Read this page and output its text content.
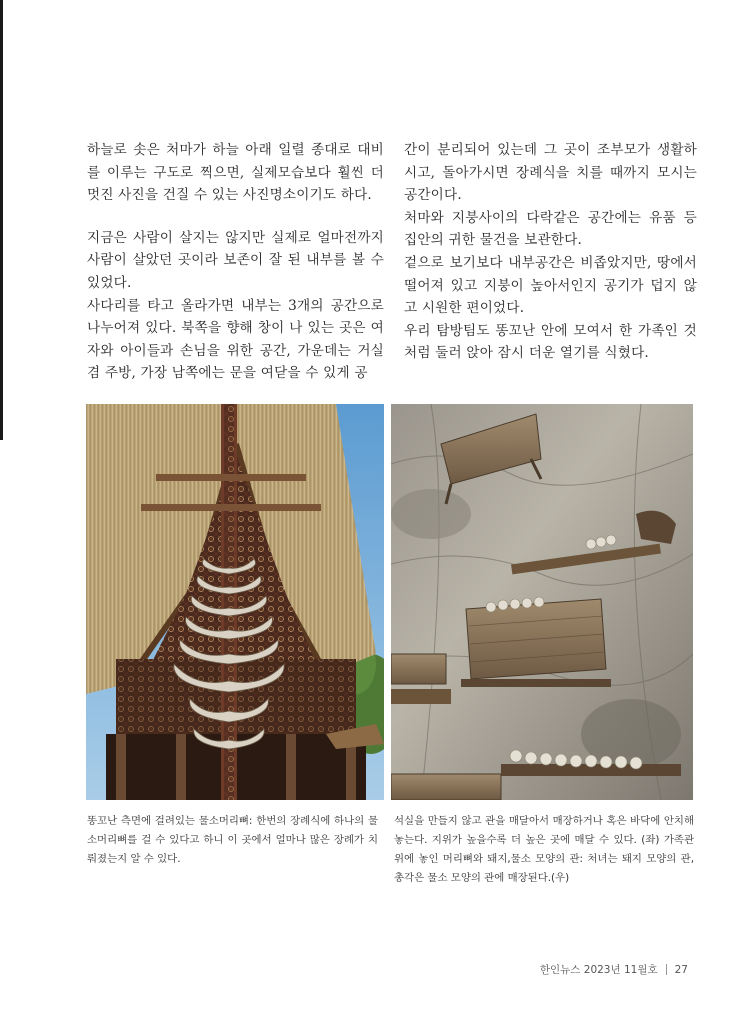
하늘로 솟은 처마가 하늘 아래 일렬 종대로 대비를 이루는 구도로 찍으면, 실제모습보다 훨씬 더 멋진 사진을 건질 수 있는 사진명소이기도 하다.

지금은 사람이 살지는 않지만 실제로 얼마전까지 사람이 살았던 곳이라 보존이 잘 된 내부를 볼 수 있었다.

사다리를 타고 올라가면 내부는 3개의 공간으로 나누어져 있다. 북쪽을 향해 창이 나 있는 곳은 여자와 아이들과 손님을 위한 공간, 가운데는 거실 겸 주방, 가장 남쪽에는 문을 여닫을 수 있게 공

간이 분리되어 있는데 그 곳이 조부모가 생활하시고, 돌아가시면 장례식을 치를 때까지 모시는 공간이다.

처마와 지붕사이의 다락같은 공간에는 유품 등 집안의 귀한 물건을 보관한다.

겉으로 보기보다 내부공간은 비좁았지만, 땅에서 떨어져 있고 지붕이 높아서인지 공기가 덥지 않고 시원한 편이었다.

우리 탐방팀도 똥꼬난 안에 모여서 한 가족인 것처럼 둘러 앉아 잠시 더운 열기를 식혔다.

똥꼬난 측면에 걸려있는 물소머리뼈: 한번의 장례식에 하나의 물소머리뼈를 걸 수 있다고 하니 이 곳에서 얼마나 많은 장례가 치뤄졌는지 알 수 있다.
석실을 만들지 않고 관을 매달아서 매장하거나 혹은 바닥에 안치해 놓는다. 지위가 높을수록 더 높은 곳에 매달 수 있다. (좌) 가족관 위에 놓인 머리뼈와 돼지,물소 모양의 관: 처녀는 돼지 모양의 관, 총각은 물소 모양의 관에 매장된다.(우)
한인뉴스 2023년 11월호 27
